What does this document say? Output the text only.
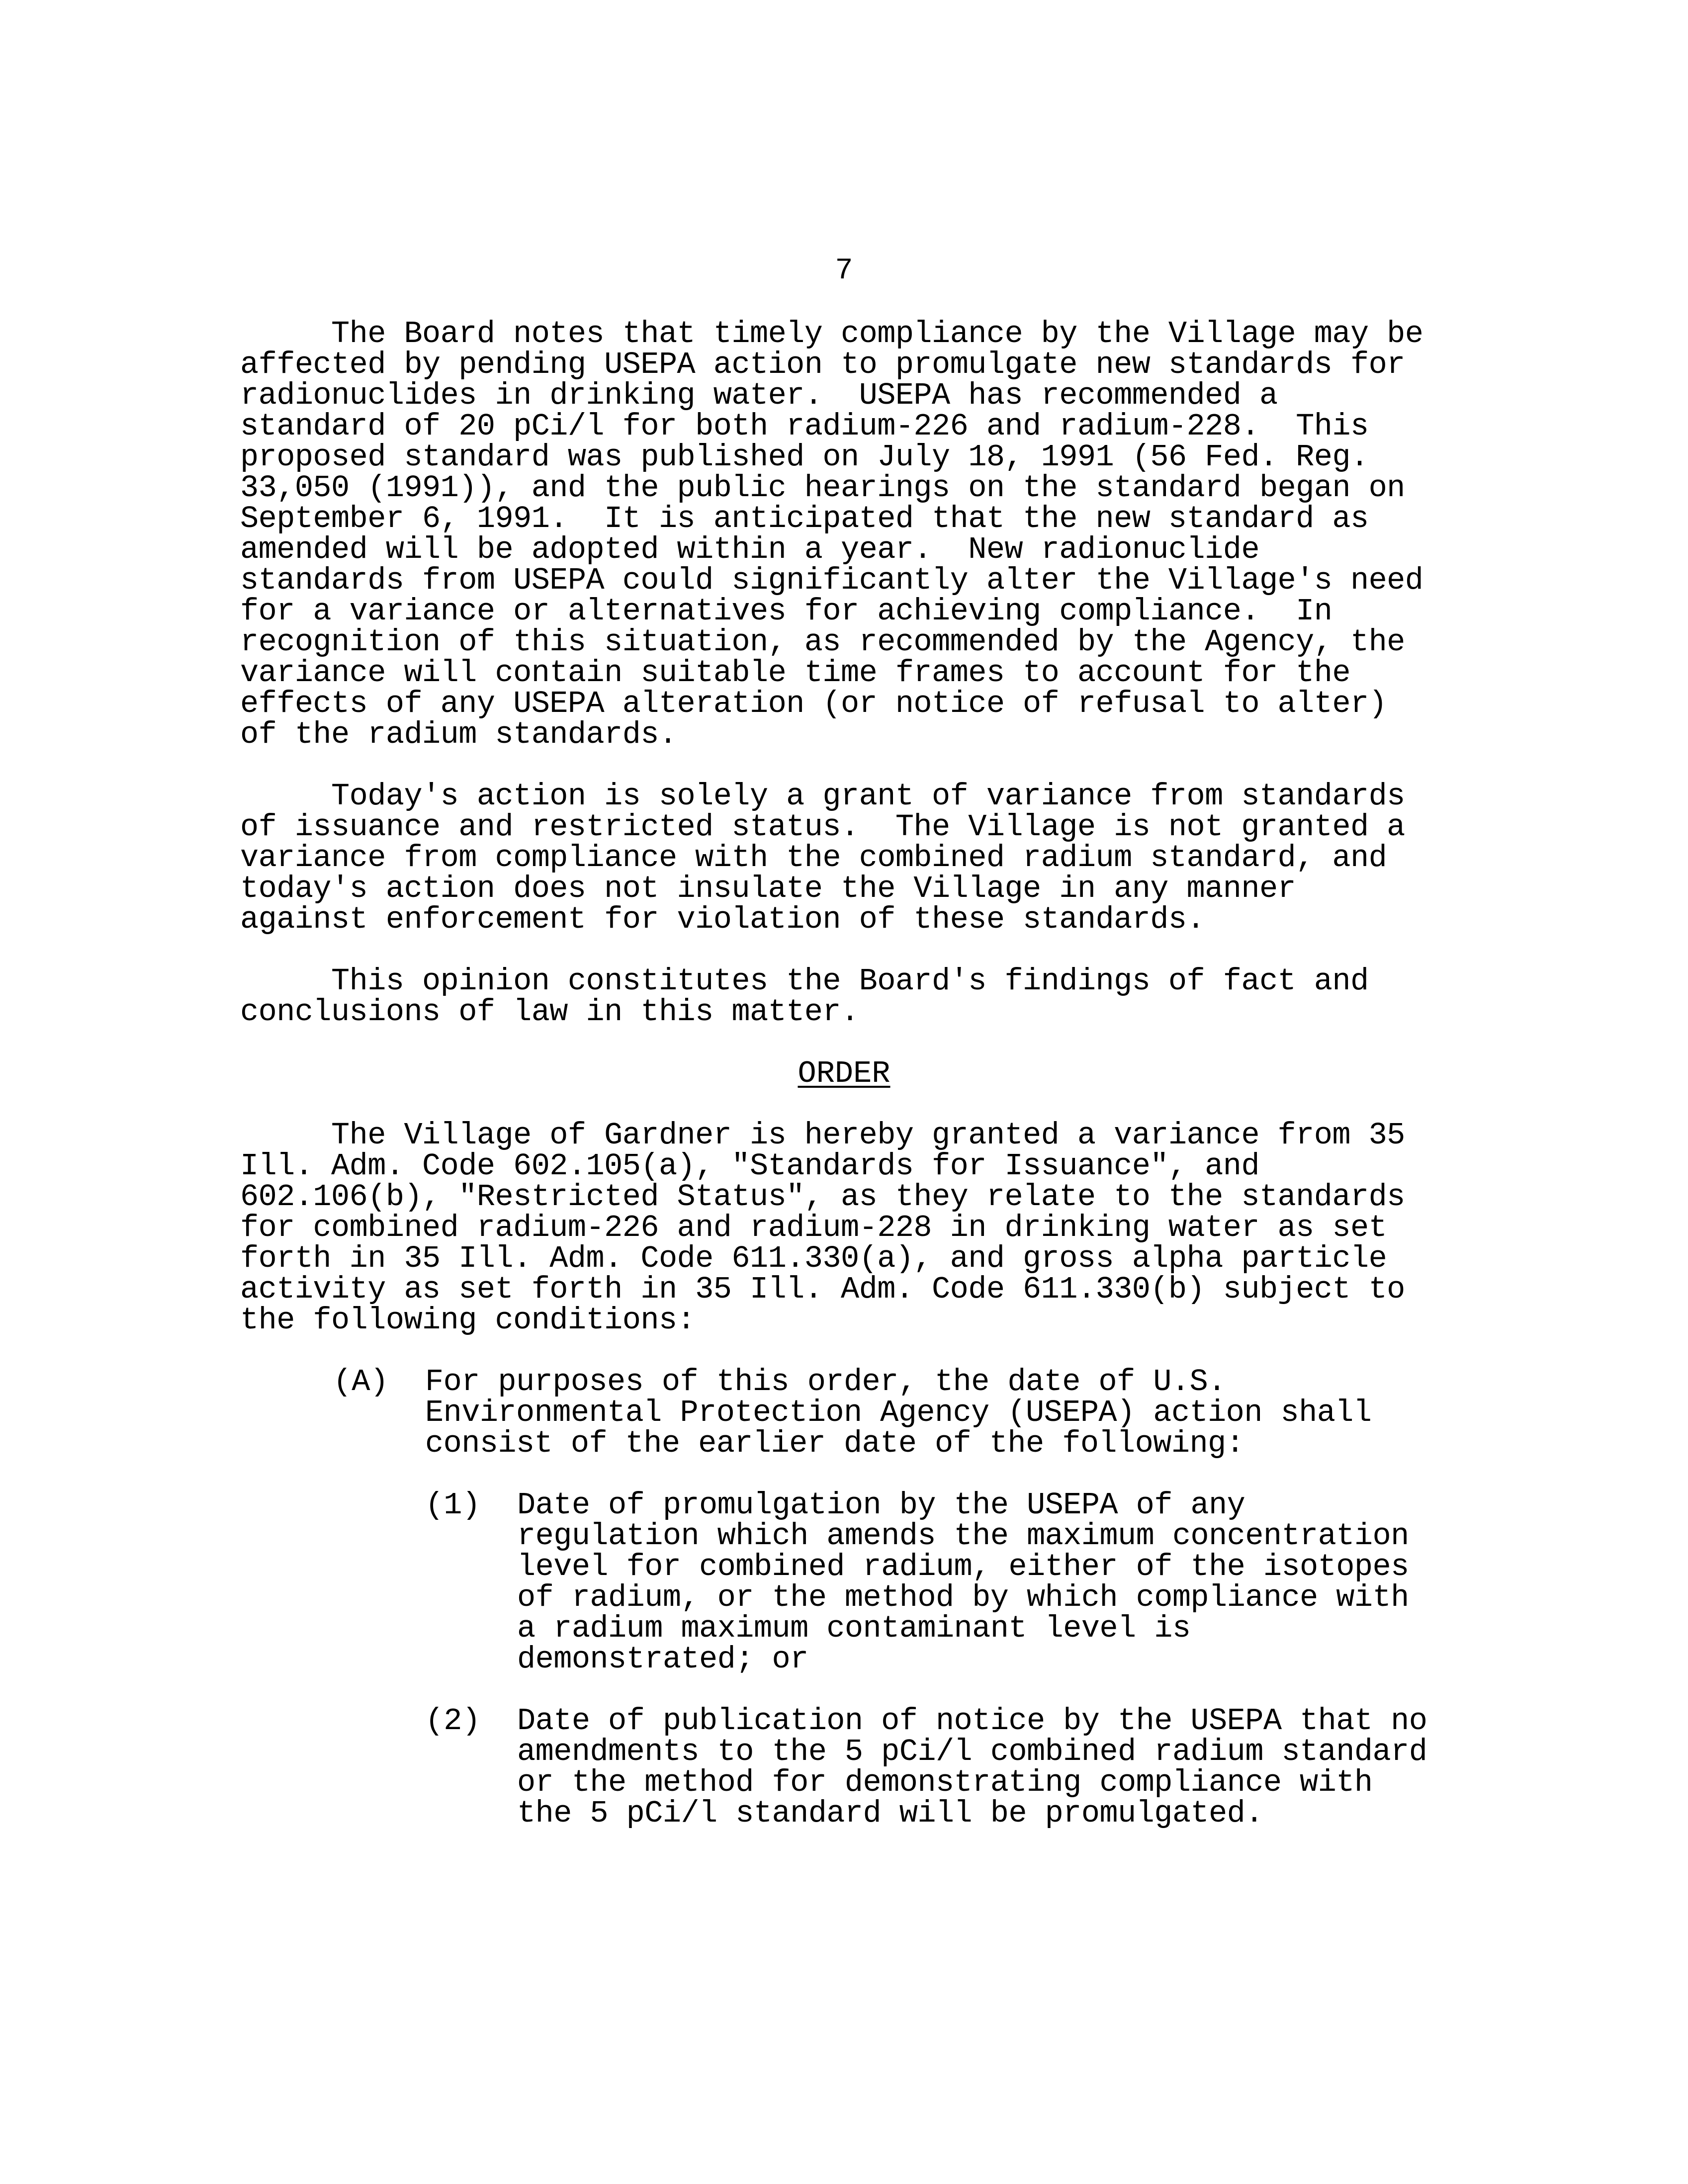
7
The Board notes that timely compliance by the Village may be
affected by pending USEPA action to promulgate new standards for
radionuclides in drinking water.  USEPA has recommended a
standard of 20 pCi/l for both radium-226 and radium-228.  This
proposed standard was published on July 18, 1991 (56 Fed. Reg.
33,050 (1991)), and the public hearings on the standard began on
September 6, 1991.  It is anticipated that the new standard as
amended will be adopted within a year.  New radionuclide
standards from USEPA could significantly alter the Village's need
for a variance or alternatives for achieving compliance.  In
recognition of this situation, as recommended by the Agency, the
variance will contain suitable time frames to account for the
effects of any USEPA alteration (or notice of refusal to alter)
of the radium standards.
Today's action is solely a grant of variance from standards
of issuance and restricted status.  The Village is not granted a
variance from compliance with the combined radium standard, and
today's action does not insulate the Village in any manner
against enforcement for violation of these standards.
This opinion constitutes the Board's findings of fact and
conclusions of law in this matter.
ORDER
The Village of Gardner is hereby granted a variance from 35
Ill. Adm. Code 602.105(a), "Standards for Issuance", and
602.106(b), "Restricted Status", as they relate to the standards
for combined radium-226 and radium-228 in drinking water as set
forth in 35 Ill. Adm. Code 611.330(a), and gross alpha particle
activity as set forth in 35 Ill. Adm. Code 611.330(b) subject to
the following conditions:
(A) For purposes of this order, the date of U.S.
Environmental Protection Agency (USEPA) action shall
consist of the earlier date of the following:
(1) Date of promulgation by the USEPA of any
regulation which amends the maximum concentration
level for combined radium, either of the isotopes
of radium, or the method by which compliance with
a radium maximum contaminant level is
demonstrated; or
(2) Date of publication of notice by the USEPA that no
amendments to the 5 pCi/l combined radium standard
or the method for demonstrating compliance with
the 5 pCi/l standard will be promulgated.
